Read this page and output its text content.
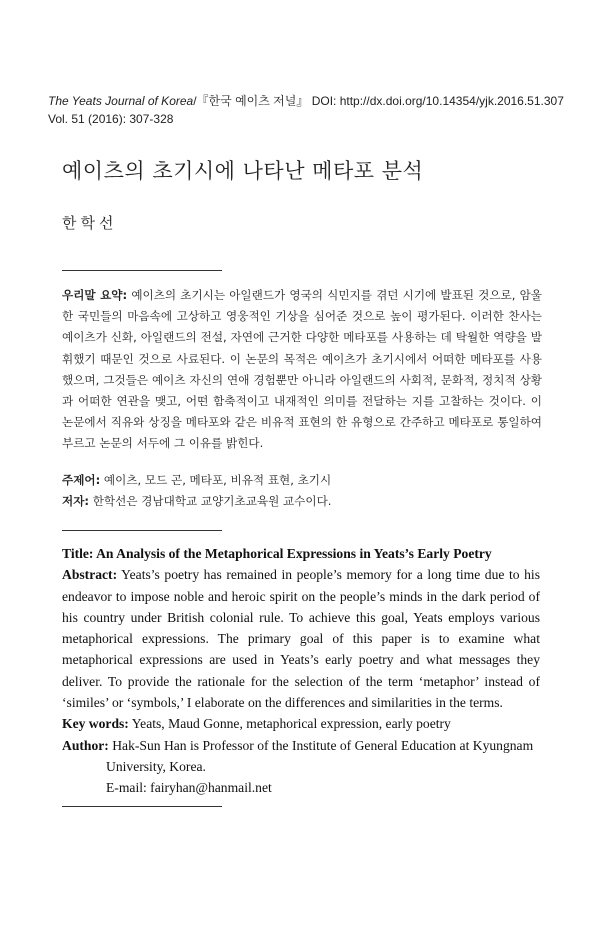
The Yeats Journal of Korea/『한국 예이츠 저널』 DOI: http://dx.doi.org/10.14354/yjk.2016.51.307
Vol. 51 (2016): 307-328
예이츠의 초기시에 나타난 메타포 분석
한학선
우리말 요약: 예이츠의 초기시는 아일랜드가 영국의 식민지를 겪던 시기에 발표된 것으로, 암울한 국민들의 마음속에 고상하고 영웅적인 기상을 심어준 것으로 높이 평가된다. 이러한 찬사는 예이츠가 신화, 아일랜드의 전설, 자연에 근거한 다양한 메타포를 사용하는 데 탁월한 역량을 발휘했기 때문인 것으로 사료된다. 이 논문의 목적은 예이츠가 초기시에서 어떠한 메타포를 사용했으며, 그것들은 예이츠 자신의 연애 경험뿐만 아니라 아일랜드의 사회적, 문화적, 정치적 상황과 어떠한 연관을 맺고, 어떤 함축적이고 내재적인 의미를 전달하는 지를 고찰하는 것이다. 이 논문에서 직유와 상징을 메타포와 같은 비유적 표현의 한 유형으로 간주하고 메타포로 통일하여 부르고 논문의 서두에 그 이유를 밝힌다.
주제어: 예이츠, 모드 곤, 메타포, 비유적 표현, 초기시
저자: 한학선은 경남대학교 교양기초교육원 교수이다.

Title: An Analysis of the Metaphorical Expressions in Yeats’s Early Poetry

Abstract: Yeats’s poetry has remained in people’s memory for a long time due to his endeavor to impose noble and heroic spirit on the people’s minds in the dark period of his country under British colonial rule. To achieve this goal, Yeats employs various metaphorical expressions. The primary goal of this paper is to examine what metaphorical expressions are used in Yeats’s early poetry and what messages they deliver. To provide the rationale for the selection of the term ‘metaphor’ instead of ‘similes’ or ‘symbols,’ I elaborate on the differences and similarities in the terms.

Key words: Yeats, Maud Gonne, metaphorical expression, early poetry

Author: Hak-Sun Han is Professor of the Institute of General Education at Kyungnam University, Korea.

E-mail: fairyhan@hanmail.net
